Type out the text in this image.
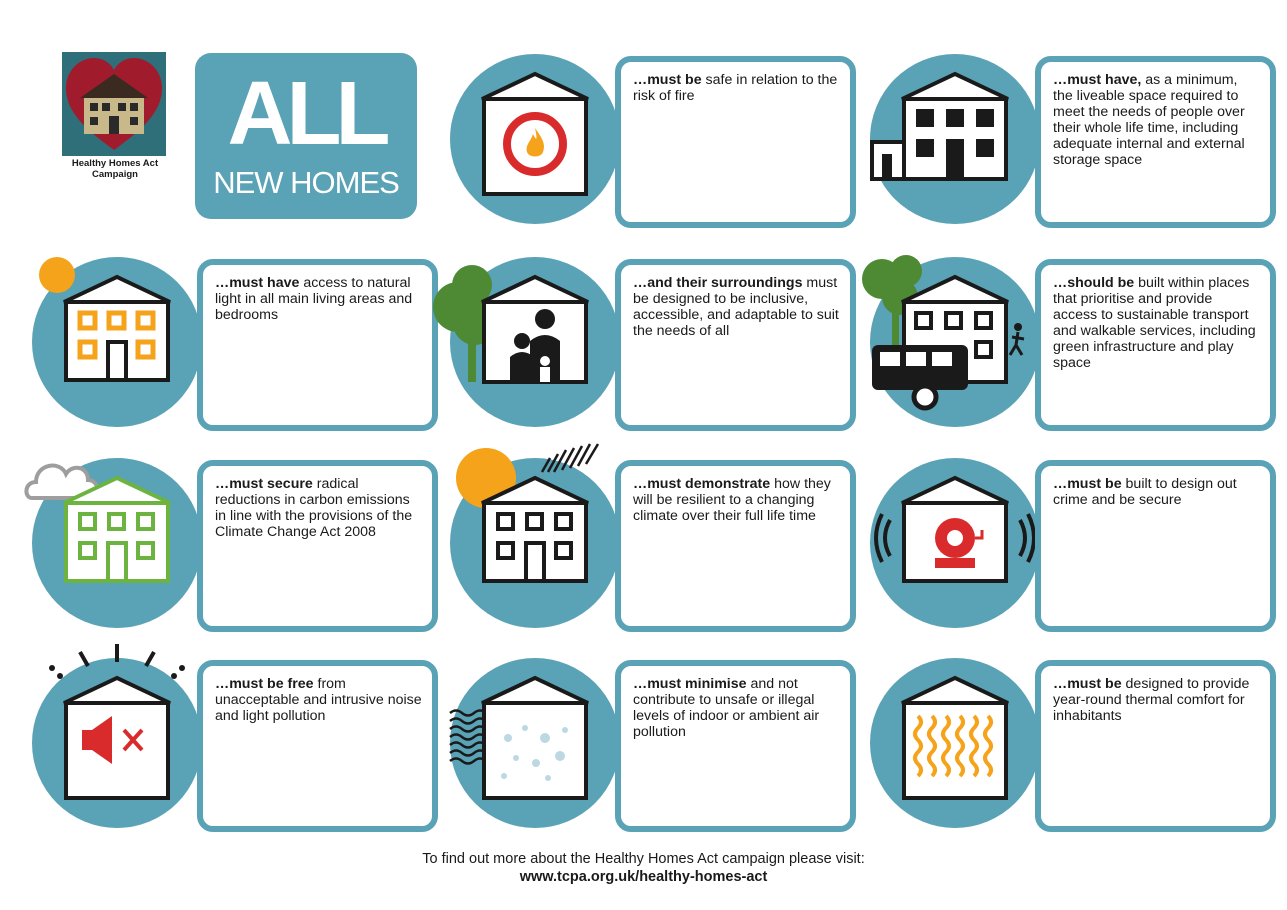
Healthy Homes Act
Campaign
ALL
NEW HOMES
…must be safe in relation to the risk of fire
…must have, as a minimum, the liveable space required to meet the needs of people over their whole life time, including adequate internal and external storage space
…must have access to natural light in all main living areas and bedrooms
…and their surroundings must be designed to be inclusive, accessible, and adaptable to suit the needs of all
…should be built within places that prioritise and provide access to sustainable transport and walkable services, including green infrastructure and play space
…must secure radical reductions in carbon emissions in line with the provisions of the Climate Change Act 2008
…must demonstrate how they will be resilient to a changing climate over their full life time
…must be built to design out crime and be secure
…must be free from unacceptable and intrusive noise and light pollution
…must minimise and not contribute to unsafe or illegal levels of indoor or ambient air pollution
…must be designed to provide year-round thermal comfort for inhabitants
To find out more about the Healthy Homes Act campaign please visit:
www.tcpa.org.uk/healthy-homes-act
